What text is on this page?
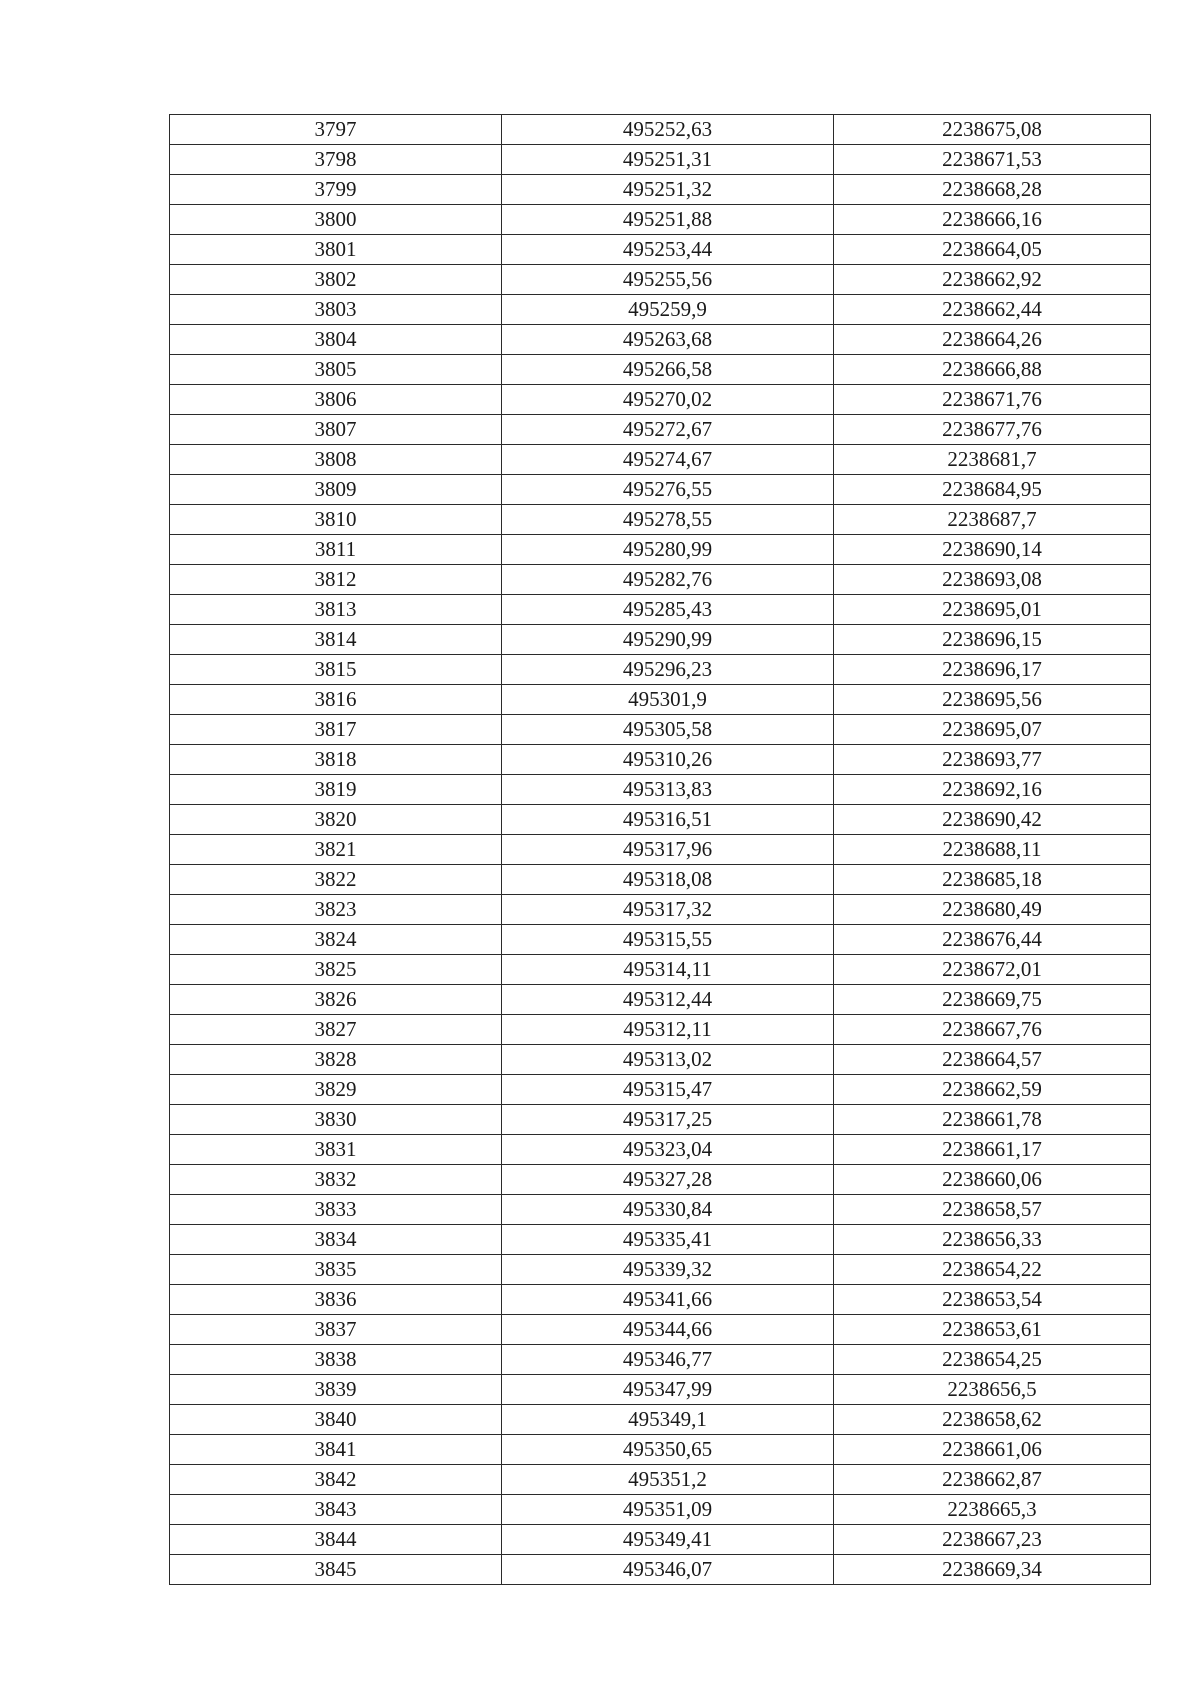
3797	495252,63	2238675,08
3798	495251,31	2238671,53
3799	495251,32	2238668,28
3800	495251,88	2238666,16
3801	495253,44	2238664,05
3802	495255,56	2238662,92
3803	495259,9	2238662,44
3804	495263,68	2238664,26
3805	495266,58	2238666,88
3806	495270,02	2238671,76
3807	495272,67	2238677,76
3808	495274,67	2238681,7
3809	495276,55	2238684,95
3810	495278,55	2238687,7
3811	495280,99	2238690,14
3812	495282,76	2238693,08
3813	495285,43	2238695,01
3814	495290,99	2238696,15
3815	495296,23	2238696,17
3816	495301,9	2238695,56
3817	495305,58	2238695,07
3818	495310,26	2238693,77
3819	495313,83	2238692,16
3820	495316,51	2238690,42
3821	495317,96	2238688,11
3822	495318,08	2238685,18
3823	495317,32	2238680,49
3824	495315,55	2238676,44
3825	495314,11	2238672,01
3826	495312,44	2238669,75
3827	495312,11	2238667,76
3828	495313,02	2238664,57
3829	495315,47	2238662,59
3830	495317,25	2238661,78
3831	495323,04	2238661,17
3832	495327,28	2238660,06
3833	495330,84	2238658,57
3834	495335,41	2238656,33
3835	495339,32	2238654,22
3836	495341,66	2238653,54
3837	495344,66	2238653,61
3838	495346,77	2238654,25
3839	495347,99	2238656,5
3840	495349,1	2238658,62
3841	495350,65	2238661,06
3842	495351,2	2238662,87
3843	495351,09	2238665,3
3844	495349,41	2238667,23
3845	495346,07	2238669,34
